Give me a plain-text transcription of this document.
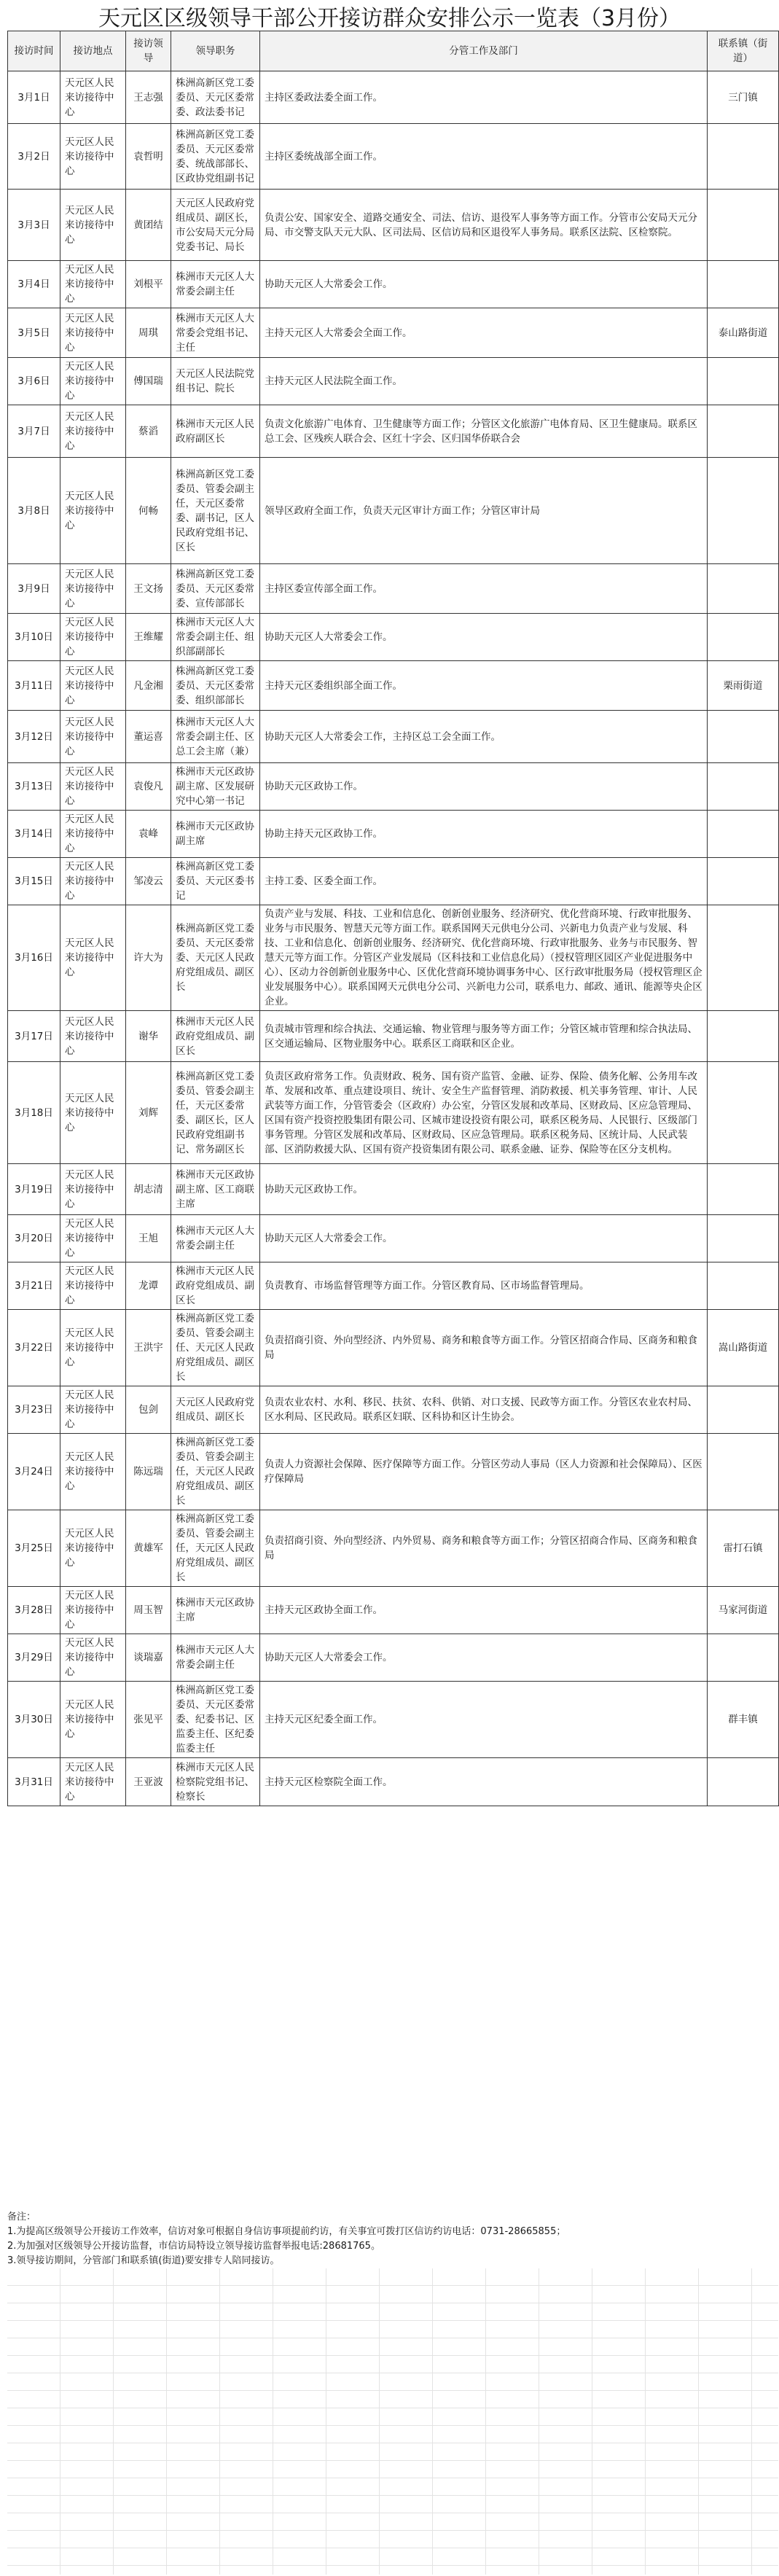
天元区区级领导干部公开接访群众安排公示一览表（3月份）
接访时间	接访地点	接访领导	领导职务	分管工作及部门	联系镇（街道）
3月1日	天元区人民来访接待中心	王志强	株洲高新区党工委委员、天元区委常委、政法委书记	主持区委政法委全面工作。	三门镇
3月2日	天元区人民来访接待中心	袁哲明	株洲高新区党工委委员、天元区委常委、统战部部长、区政协党组副书记	主持区委统战部全面工作。	
3月3日	天元区人民来访接待中心	黄团结	天元区人民政府党组成员、副区长，市公安局天元分局党委书记、局长	负责公安、国家安全、道路交通安全、司法、信访、退役军人事务等方面工作。分管市公安局天元分局、市交警支队天元大队、区司法局、区信访局和区退役军人事务局。联系区法院、区检察院。	
3月4日	天元区人民来访接待中心	刘根平	株洲市天元区人大常委会副主任	协助天元区人大常委会工作。	
3月5日	天元区人民来访接待中心	周琪	株洲市天元区人大常委会党组书记、主任	主持天元区人大常委会全面工作。	泰山路街道
3月6日	天元区人民来访接待中心	傅国瑞	天元区人民法院党组书记、院长	主持天元区人民法院全面工作。	
3月7日	天元区人民来访接待中心	蔡滔	株洲市天元区人民政府副区长	负责文化旅游广电体育、卫生健康等方面工作；分管区文化旅游广电体育局、区卫生健康局。联系区总工会、区残疾人联合会、区红十字会、区归国华侨联合会	
3月8日	天元区人民来访接待中心	何畅	株洲高新区党工委委员、管委会副主任，天元区委常委、副书记，区人民政府党组书记、区长	领导区政府全面工作，负责天元区审计方面工作；分管区审计局	
3月9日	天元区人民来访接待中心	王文扬	株洲高新区党工委委员、天元区委常委、宣传部部长	主持区委宣传部全面工作。	
3月10日	天元区人民来访接待中心	王维耀	株洲市天元区人大常委会副主任、组织部副部长	协助天元区人大常委会工作。	
3月11日	天元区人民来访接待中心	凡金湘	株洲高新区党工委委员、天元区委常委、组织部部长	主持天元区委组织部全面工作。	栗雨街道
3月12日	天元区人民来访接待中心	董运喜	株洲市天元区人大常委会副主任、区总工会主席（兼）	协助天元区人大常委会工作，主持区总工会全面工作。	
3月13日	天元区人民来访接待中心	袁俊凡	株洲市天元区政协副主席、区发展研究中心第一书记	协助天元区政协工作。	
3月14日	天元区人民来访接待中心	袁峰	株洲市天元区政协副主席	协助主持天元区政协工作。	
3月15日	天元区人民来访接待中心	邹凌云	株洲高新区党工委委员、天元区委书记	主持工委、区委全面工作。	
3月16日	天元区人民来访接待中心	许大为	株洲高新区党工委委员、天元区委常委、天元区人民政府党组成员、副区长	负责产业与发展、科技、工业和信息化、创新创业服务、经济研究、优化营商环境、行政审批服务、业务与市民服务、智慧天元等方面工作。联系国网天元供电分公司、兴新电力负责产业与发展、科技、工业和信息化、创新创业服务、经济研究、优化营商环境、行政审批服务、业务与市民服务、智慧天元等方面工作。分管区产业发展局（区科技和工业信息化局）（授权管理区园区产业促进服务中心）、区动力谷创新创业服务中心、区优化营商环境协调事务中心、区行政审批服务局（授权管理区企业发展服务中心）。联系国网天元供电分公司、兴新电力公司，联系电力、邮政、通讯、能源等央企区企业。	
3月17日	天元区人民来访接待中心	谢华	株洲市天元区人民政府党组成员、副区长	负责城市管理和综合执法、交通运输、物业管理与服务等方面工作；分管区城市管理和综合执法局、区交通运输局、区物业服务中心。联系区工商联和区企业。	
3月18日	天元区人民来访接待中心	刘辉	株洲高新区党工委委员、管委会副主任，天元区委常委、副区长，区人民政府党组副书记、常务副区长	负责区政府常务工作。负责财政、税务、国有资产监管、金融、证券、保险、债务化解、公务用车改革、发展和改革、重点建设项目、统计、安全生产监督管理、消防救援、机关事务管理、审计、人民武装等方面工作，分管管委会（区政府）办公室，分管区发展和改革局、区财政局、区应急管理局、区国有资产投资控股集团有限公司、区城市建设投资有限公司，联系区税务局、人民银行、区级部门事务管理。分管区发展和改革局、区财政局、区应急管理局。联系区税务局、区统计局、人民武装部、区消防救援大队、区国有资产投资集团有限公司、联系金融、证券、保险等在区分支机构。	
3月19日	天元区人民来访接待中心	胡志清	株洲市天元区政协副主席、区工商联主席	协助天元区政协工作。	
3月20日	天元区人民来访接待中心	王旭	株洲市天元区人大常委会副主任	协助天元区人大常委会工作。	
3月21日	天元区人民来访接待中心	龙谭	株洲市天元区人民政府党组成员、副区长	负责教育、市场监督管理等方面工作。分管区教育局、区市场监督管理局。	
3月22日	天元区人民来访接待中心	王洪宇	株洲高新区党工委委员、管委会副主任、天元区人民政府党组成员、副区长	负责招商引资、外向型经济、内外贸易、商务和粮食等方面工作。分管区招商合作局、区商务和粮食局	嵩山路街道
3月23日	天元区人民来访接待中心	包剑	天元区人民政府党组成员、副区长	负责农业农村、水利、移民、扶贫、农科、供销、对口支援、民政等方面工作。分管区农业农村局、区水利局、区民政局。联系区妇联、区科协和区计生协会。	
3月24日	天元区人民来访接待中心	陈远瑞	株洲高新区党工委委员、管委会副主任，天元区人民政府党组成员、副区长	负责人力资源社会保障、医疗保障等方面工作。分管区劳动人事局（区人力资源和社会保障局）、区医疗保障局	
3月25日	天元区人民来访接待中心	黄雄军	株洲高新区党工委委员、管委会副主任，天元区人民政府党组成员、副区长	负责招商引资、外向型经济、内外贸易、商务和粮食等方面工作；分管区招商合作局、区商务和粮食局	雷打石镇
3月28日	天元区人民来访接待中心	周玉智	株洲市天元区政协主席	主持天元区政协全面工作。	马家河街道
3月29日	天元区人民来访接待中心	谈瑞嘉	株洲市天元区人大常委会副主任	协助天元区人大常委会工作。	
3月30日	天元区人民来访接待中心	张见平	株洲高新区党工委委员、天元区委常委、纪委书记、区监委主任、区纪委监委主任	主持天元区纪委全面工作。	群丰镇
3月31日	天元区人民来访接待中心	王亚波	株洲市天元区人民检察院党组书记、检察长	主持天元区检察院全面工作。	
备注：
1.为提高区级领导公开接访工作效率，信访对象可根据自身信访事项提前约访，有关事宜可拨打区信访约访电话：0731-28665855；
2.为加强对区级领导公开接访监督，市信访局特设立领导接访监督举报电话:28681765。
3.领导接访期间，分管部门和联系镇(街道)要安排专人陪同接访。
